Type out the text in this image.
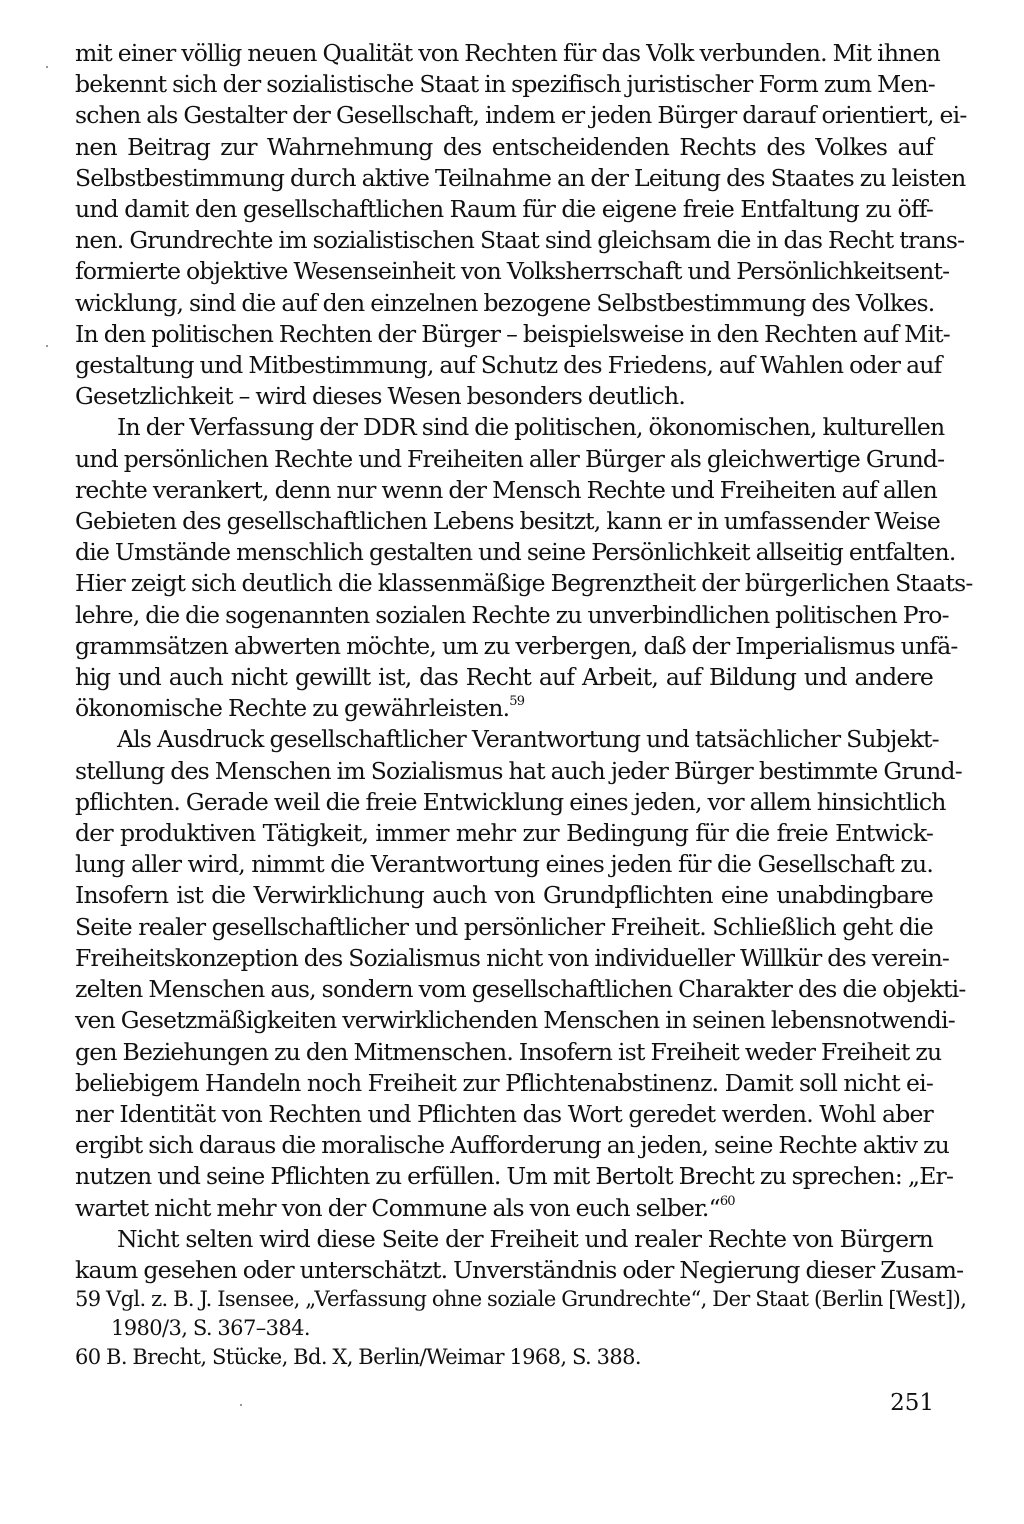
mit einer völlig neuen Qualität von Rechten für das Volk verbunden. Mit ihnen
bekennt sich der sozialistische Staat in spezifisch juristischer Form zum Men-
schen als Gestalter der Gesellschaft, indem er jeden Bürger darauf orientiert, ei-
nen Beitrag zur Wahrnehmung des entscheidenden Rechts des Volkes auf
Selbstbestimmung durch aktive Teilnahme an der Leitung des Staates zu leisten
und damit den gesellschaftlichen Raum für die eigene freie Entfaltung zu öff-
nen. Grundrechte im sozialistischen Staat sind gleichsam die in das Recht trans-
formierte objektive Wesenseinheit von Volksherrschaft und Persönlichkeitsent-
wicklung, sind die auf den einzelnen bezogene Selbstbestimmung des Volkes.
In den politischen Rechten der Bürger – beispielsweise in den Rechten auf Mit-
gestaltung und Mitbestimmung, auf Schutz des Friedens, auf Wahlen oder auf
Gesetzlichkeit – wird dieses Wesen besonders deutlich.
In der Verfassung der DDR sind die politischen, ökonomischen, kulturellen
und persönlichen Rechte und Freiheiten aller Bürger als gleichwertige Grund-
rechte verankert, denn nur wenn der Mensch Rechte und Freiheiten auf allen
Gebieten des gesellschaftlichen Lebens besitzt, kann er in umfassender Weise
die Umstände menschlich gestalten und seine Persönlichkeit allseitig entfalten.
Hier zeigt sich deutlich die klassenmäßige Begrenztheit der bürgerlichen Staats-
lehre, die die sogenannten sozialen Rechte zu unverbindlichen politischen Pro-
grammsätzen abwerten möchte, um zu verbergen, daß der Imperialismus unfä-
hig und auch nicht gewillt ist, das Recht auf Arbeit, auf Bildung und andere
ökonomische Rechte zu gewährleisten.$^{59}$
Als Ausdruck gesellschaftlicher Verantwortung und tatsächlicher Subjekt-
stellung des Menschen im Sozialismus hat auch jeder Bürger bestimmte Grund-
pflichten. Gerade weil die freie Entwicklung eines jeden, vor allem hinsichtlich
der produktiven Tätigkeit, immer mehr zur Bedingung für die freie Entwick-
lung aller wird, nimmt die Verantwortung eines jeden für die Gesellschaft zu.
Insofern ist die Verwirklichung auch von Grundpflichten eine unabdingbare
Seite realer gesellschaftlicher und persönlicher Freiheit. Schließlich geht die
Freiheitskonzeption des Sozialismus nicht von individueller Willkür des verein-
zelten Menschen aus, sondern vom gesellschaftlichen Charakter des die objekti-
ven Gesetzmäßigkeiten verwirklichenden Menschen in seinen lebensnotwendi-
gen Beziehungen zu den Mitmenschen. Insofern ist Freiheit weder Freiheit zu
beliebigem Handeln noch Freiheit zur Pflichtenabstinenz. Damit soll nicht ei-
ner Identität von Rechten und Pflichten das Wort geredet werden. Wohl aber
ergibt sich daraus die moralische Aufforderung an jeden, seine Rechte aktiv zu
nutzen und seine Pflichten zu erfüllen. Um mit Bertolt Brecht zu sprechen: „Er-
wartet nicht mehr von der Commune als von euch selber.“$^{60}$
Nicht selten wird diese Seite der Freiheit und realer Rechte von Bürgern
kaum gesehen oder unterschätzt. Unverständnis oder Negierung dieser Zusam-
59 Vgl. z. B. J. Isensee, „Verfassung ohne soziale Grundrechte“, Der Staat (Berlin [West]),
1980/3, S. 367–384.
60 B. Brecht, Stücke, Bd. X, Berlin/Weimar 1968, S. 388.
251
